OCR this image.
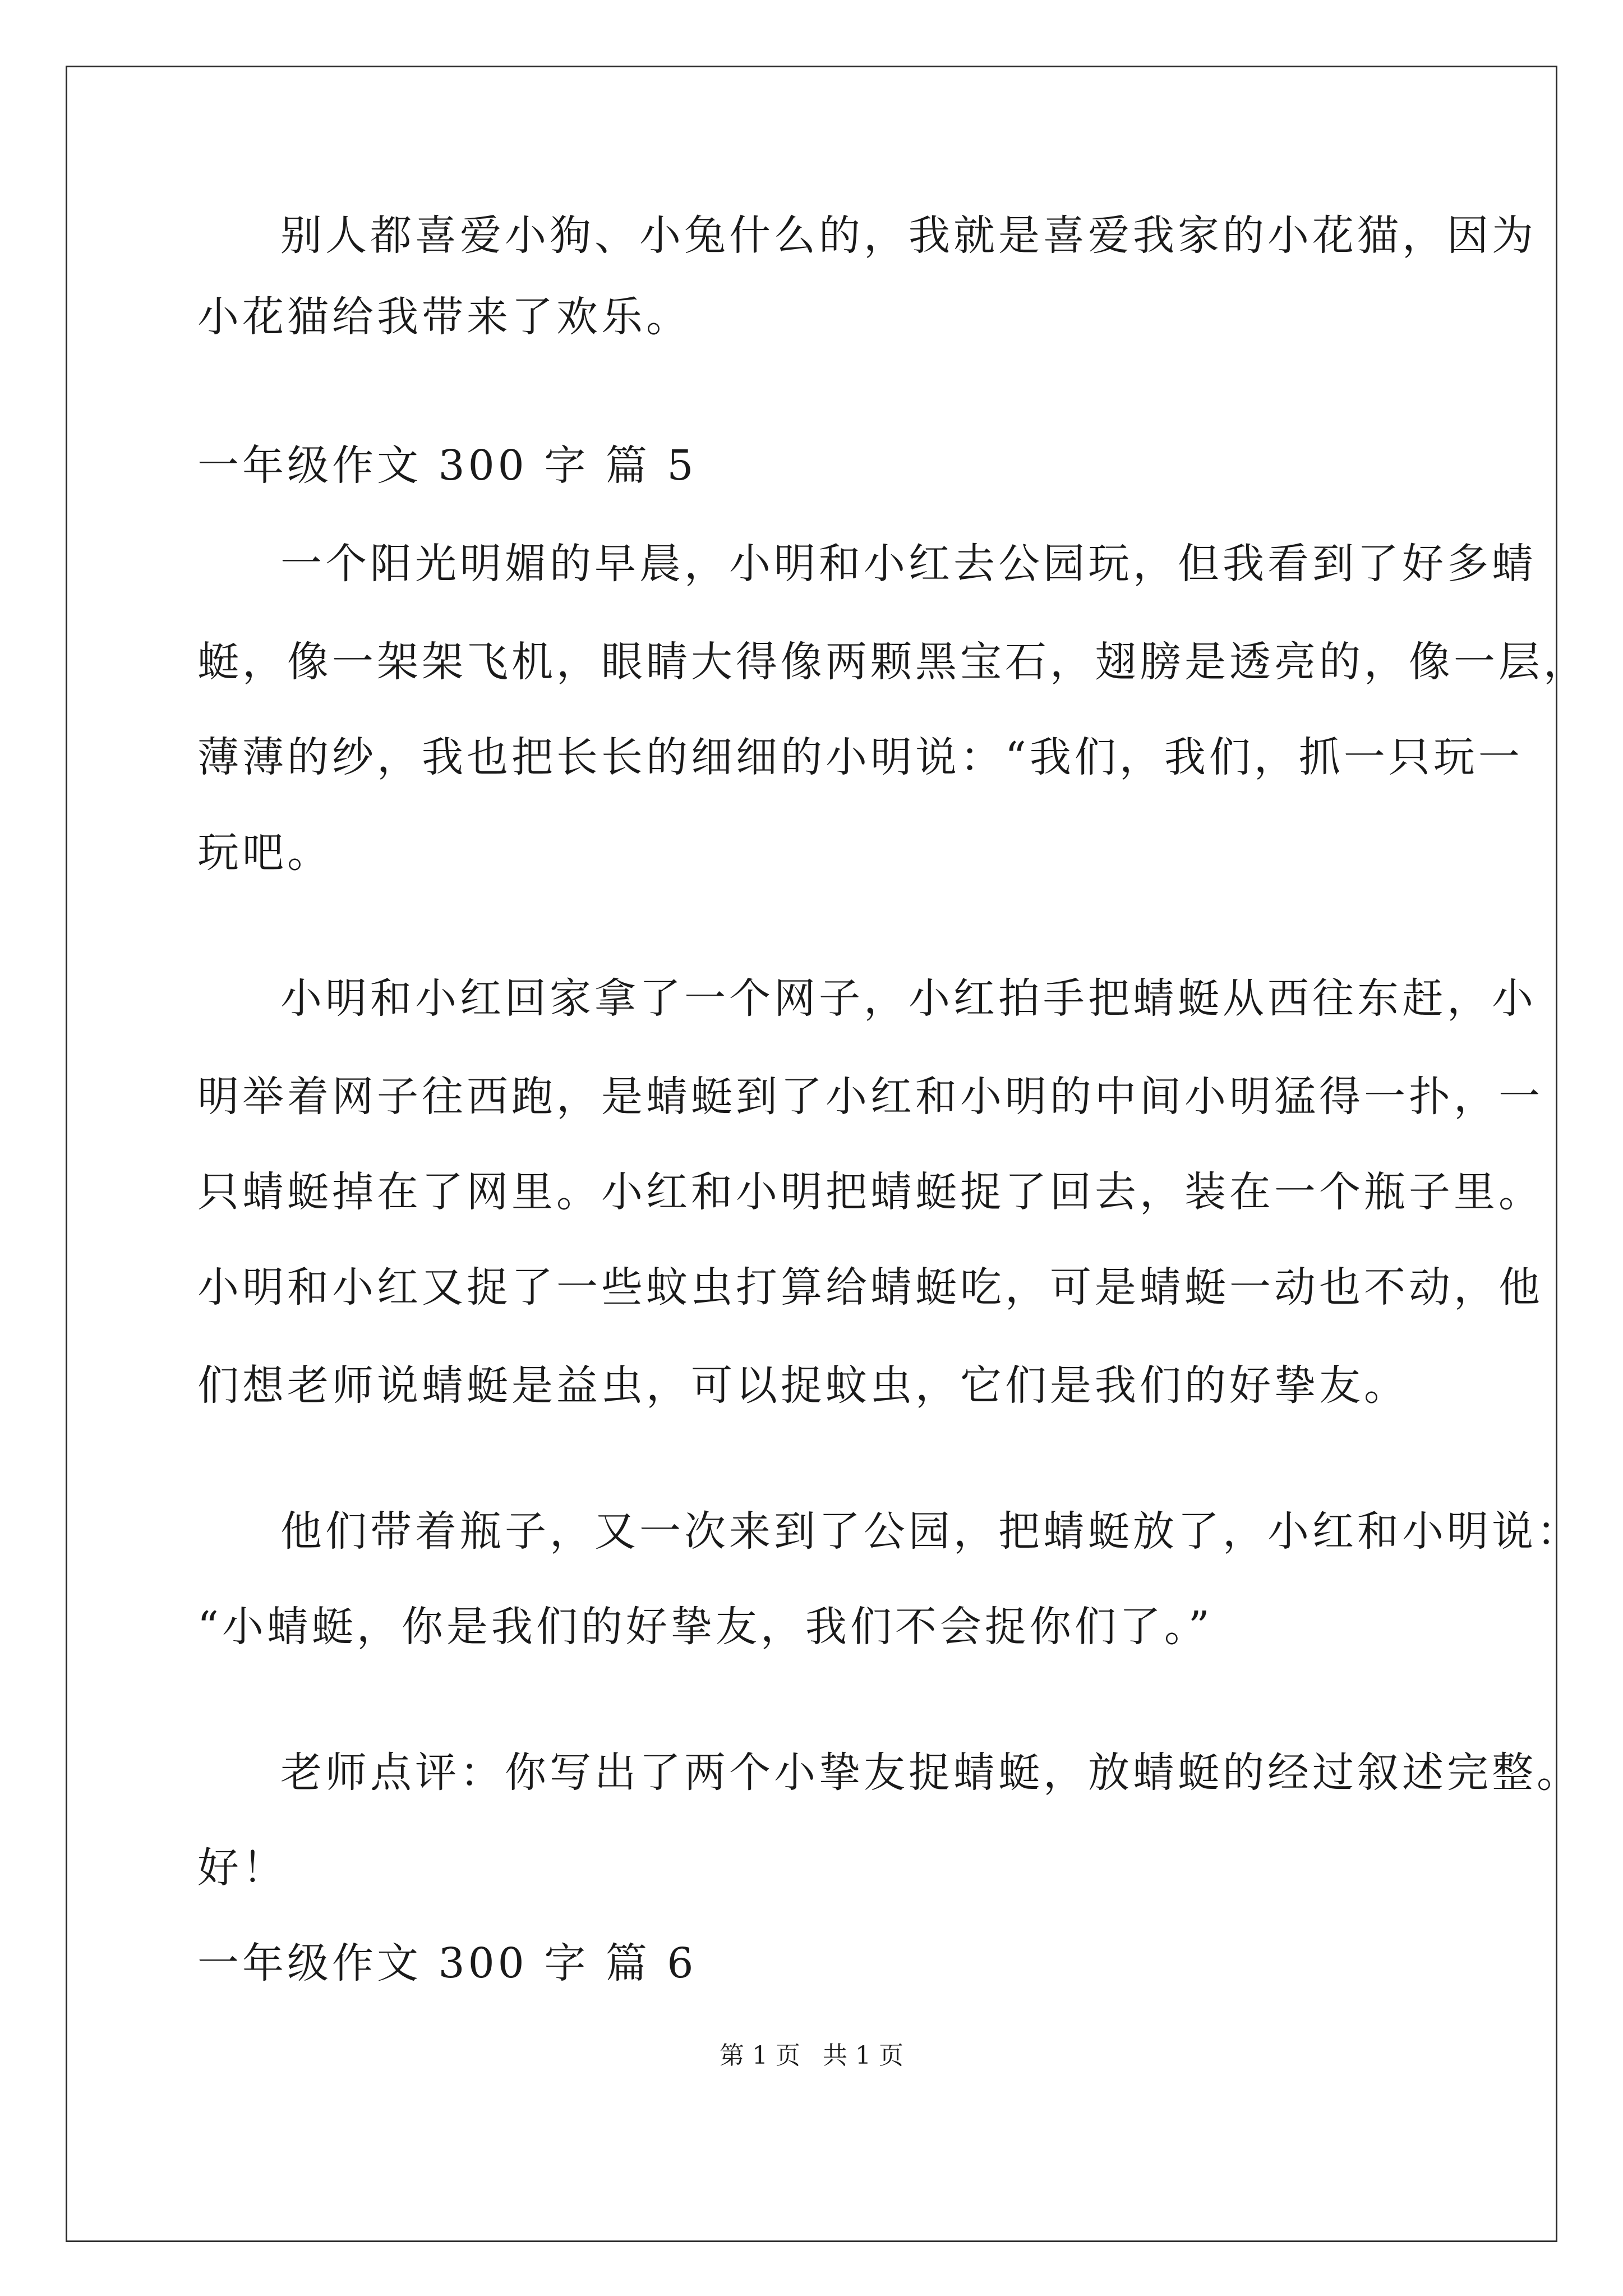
别人都喜爱小狗、小兔什么的，我就是喜爱我家的小花猫，因为
小花猫给我带来了欢乐。
一年级作文 300 字 篇 5
一个阳光明媚的早晨，小明和小红去公园玩，但我看到了好多蜻
蜓，像一架架飞机，眼睛大得像两颗黑宝石，翅膀是透亮的，像一层，
薄薄的纱，我也把长长的细细的小明说：“我们，我们，抓一只玩一
玩吧。
小明和小红回家拿了一个网子，小红拍手把蜻蜓从西往东赶，小
明举着网子往西跑，是蜻蜓到了小红和小明的中间小明猛得一扑，一
只蜻蜓掉在了网里。小红和小明把蜻蜓捉了回去，装在一个瓶子里。
小明和小红又捉了一些蚊虫打算给蜻蜓吃，可是蜻蜓一动也不动，他
们想老师说蜻蜓是益虫，可以捉蚊虫，它们是我们的好挚友。
他们带着瓶子，又一次来到了公园，把蜻蜓放了，小红和小明说：
“小蜻蜓，你是我们的好挚友，我们不会捉你们了。”
老师点评：你写出了两个小挚友捉蜻蜓，放蜻蜓的经过叙述完整。
好！
一年级作文 300 字 篇 6
第 1 页 共 1 页
